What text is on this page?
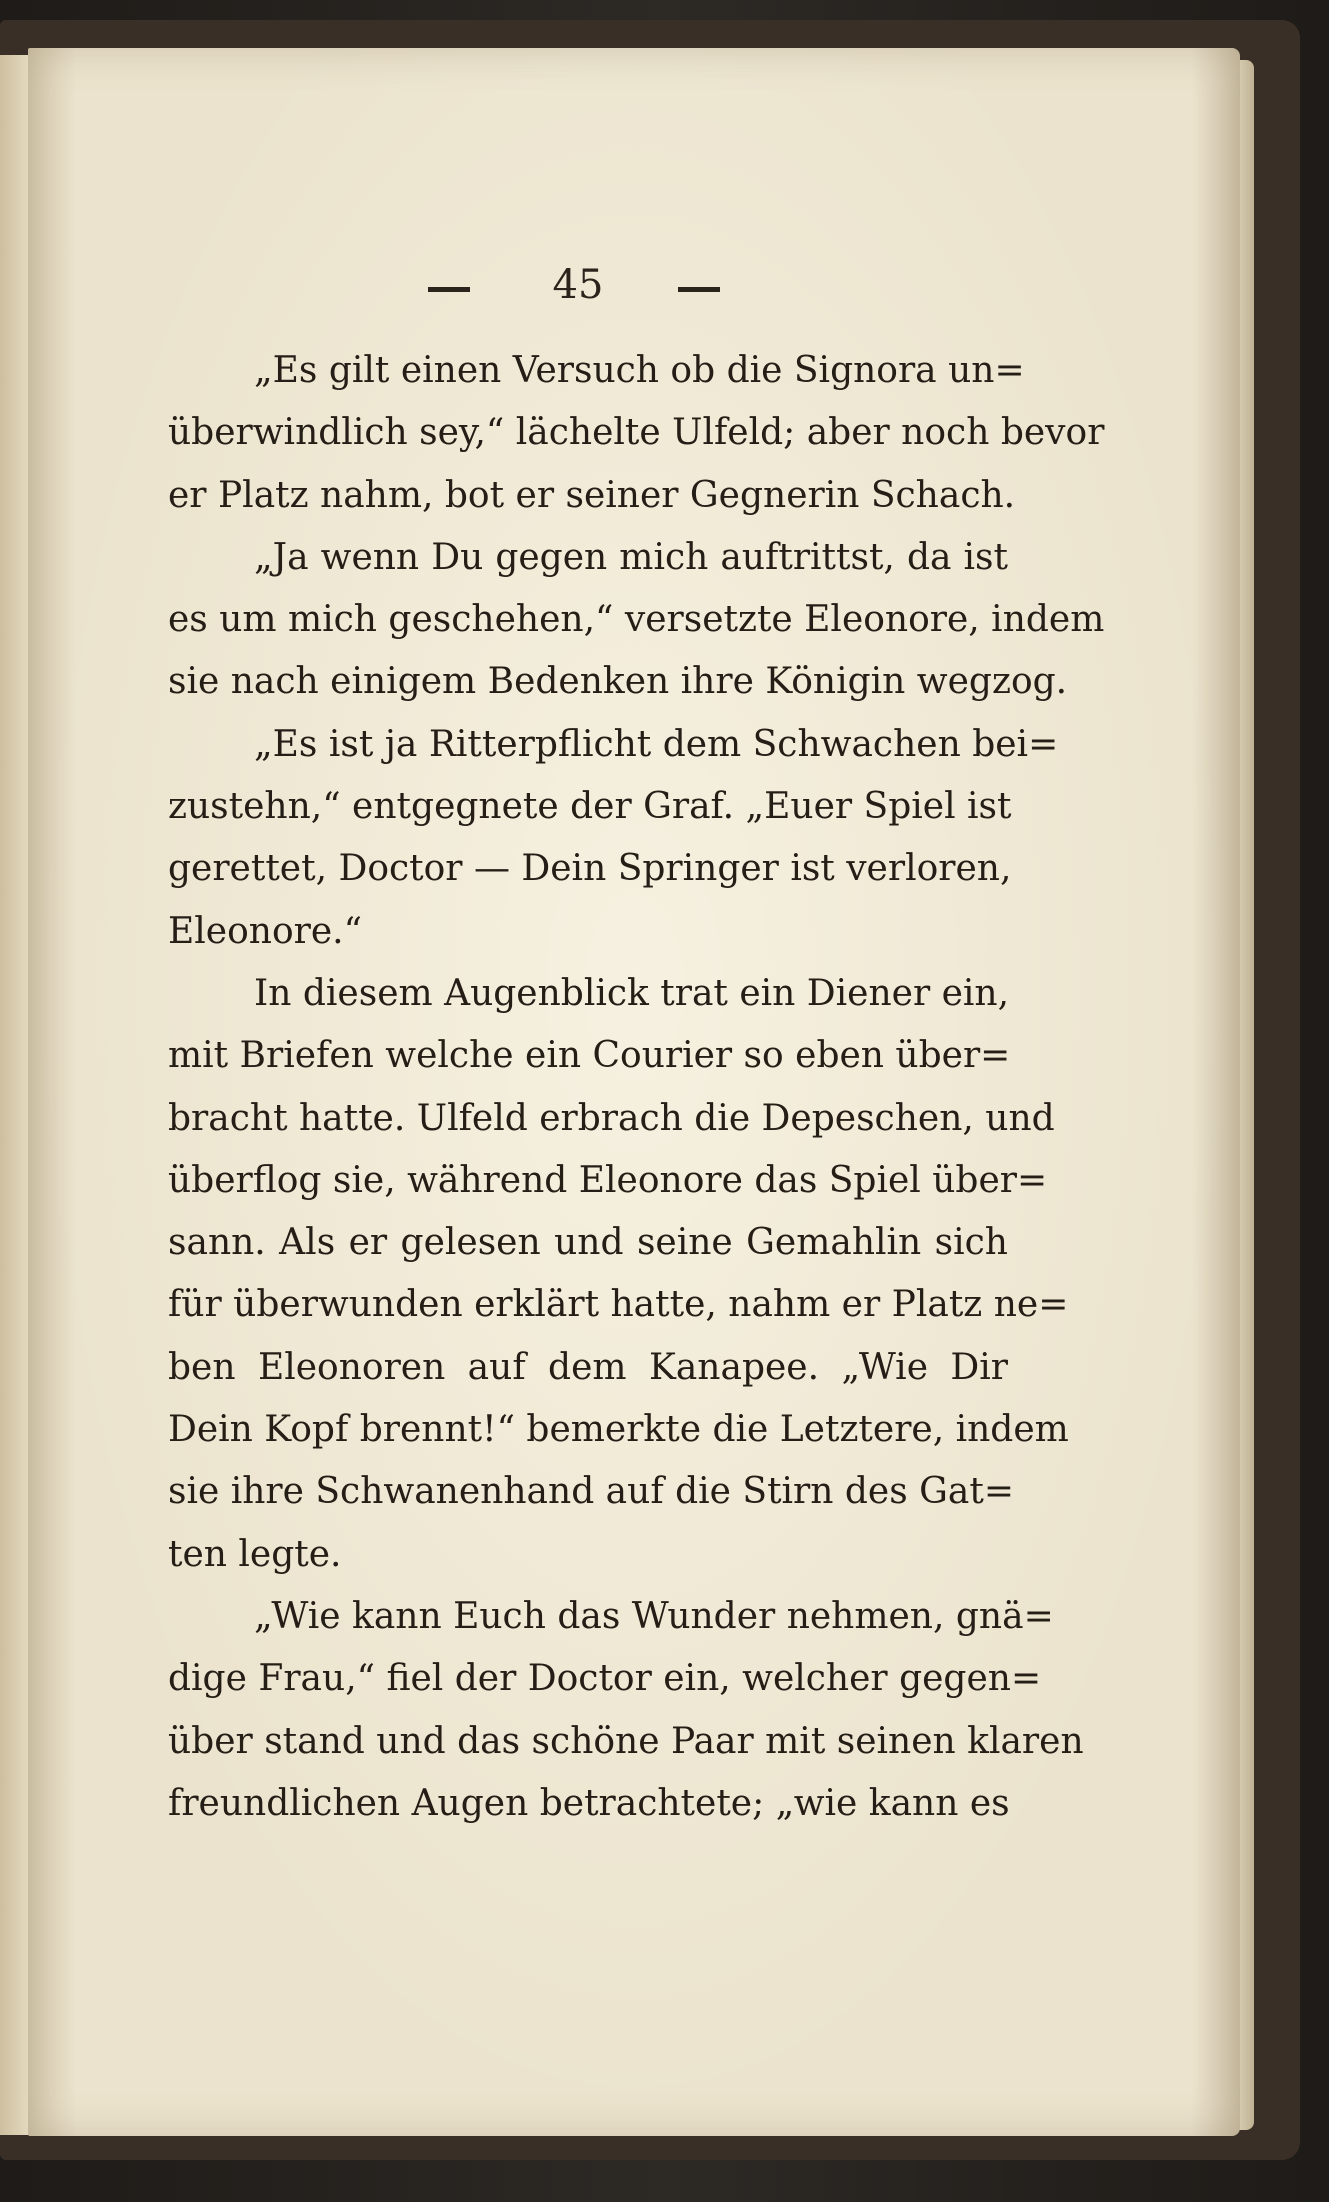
45
„Es gilt einen Versuch ob die Signora un=
überwindlich sey,“ lächelte Ulfeld; aber noch bevor
er Platz nahm, bot er seiner Gegnerin Schach.
„Ja wenn Du gegen mich auftrittst, da ist
es um mich geschehen,“ versetzte Eleonore, indem
sie nach einigem Bedenken ihre Königin wegzog.
„Es ist ja Ritterpflicht dem Schwachen bei=
zustehn,“ entgegnete der Graf. „Euer Spiel ist
gerettet, Doctor — Dein Springer ist verloren,
Eleonore.“
In diesem Augenblick trat ein Diener ein,
mit Briefen welche ein Courier so eben über=
bracht hatte. Ulfeld erbrach die Depeschen, und
überflog sie, während Eleonore das Spiel über=
sann. Als er gelesen und seine Gemahlin sich
für überwunden erklärt hatte, nahm er Platz ne=
ben Eleonoren auf dem Kanapee. „Wie Dir
Dein Kopf brennt!“ bemerkte die Letztere, indem
sie ihre Schwanenhand auf die Stirn des Gat=
ten legte.
„Wie kann Euch das Wunder nehmen, gnä=
dige Frau,“ fiel der Doctor ein, welcher gegen=
über stand und das schöne Paar mit seinen klaren
freundlichen Augen betrachtete; „wie kann es
